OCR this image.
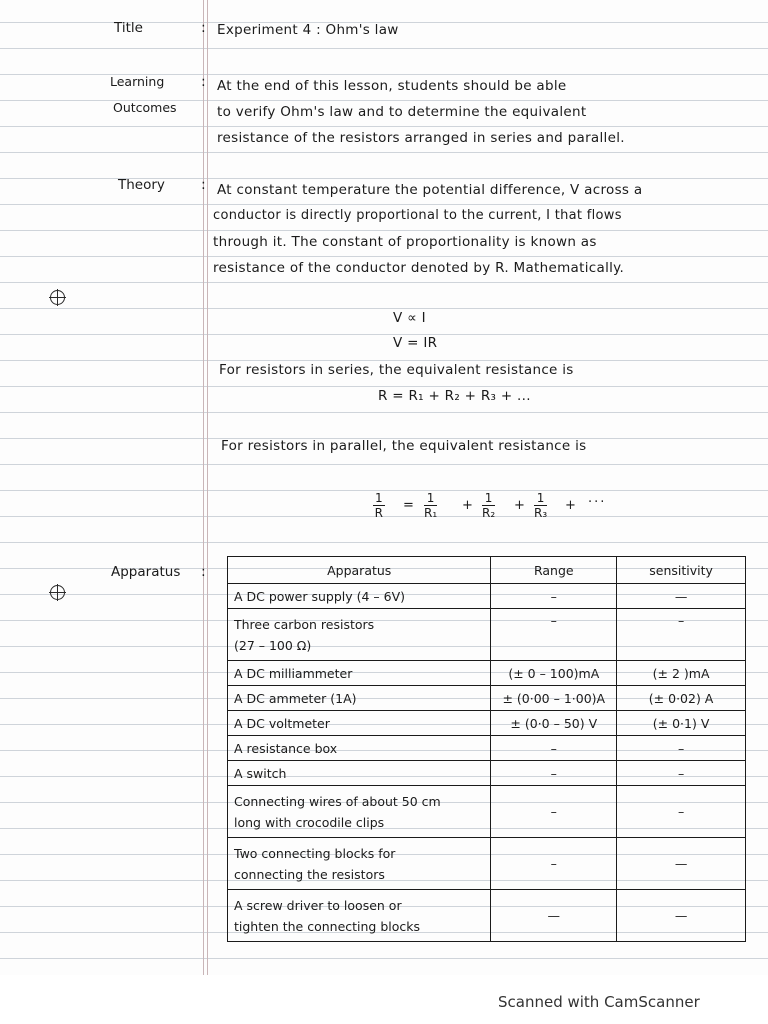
Title	: Experiment 4 : Ohm's law
Learning
Outcomes
: At the end of this lesson, students should be able
to verify Ohm's law and to determine the equivalent
resistance of the resistors arranged in series and parallel.
Theory	: At constant temperature the potential difference, V across a
conductor is directly proportional to the current, I that flows
through it. The constant of proportionality is known as
resistance of the conductor denoted by R. Mathematically.
V ∝ I
V = IR
For resistors in series, the equivalent resistance is
R = R₁ + R₂ + R₃ + ...
For resistors in parallel, the equivalent resistance is
$\frac{1}{R} = \frac{1}{\text{R₁}} + \frac{1}{\text{R₂}} + \frac{1}{\text{R₃}}$ + ···
Apparatus :	Apparatus	Range	sensitivity
A DC power supply (4 – 6V)	–	—

Three carbon resistors
(27 – 100 Ω)	–	–
A DC milliammeter	(± 0 – 100)mA	(± 2 )mA
A DC ammeter (1A)	± (0·00 – 1·00)A	(± 0·02) A
A DC voltmeter	± (0·0 – 50) V	(± 0·1) V
A resistance box	–	–
A switch	–	–

Connecting wires of about 50 cm
long with crocodile clips	–	–

Two connecting blocks for
connecting the resistors	–	—

A screw driver to loosen or
tighten the connecting blocks	—	—
Scanned with CamScanner
